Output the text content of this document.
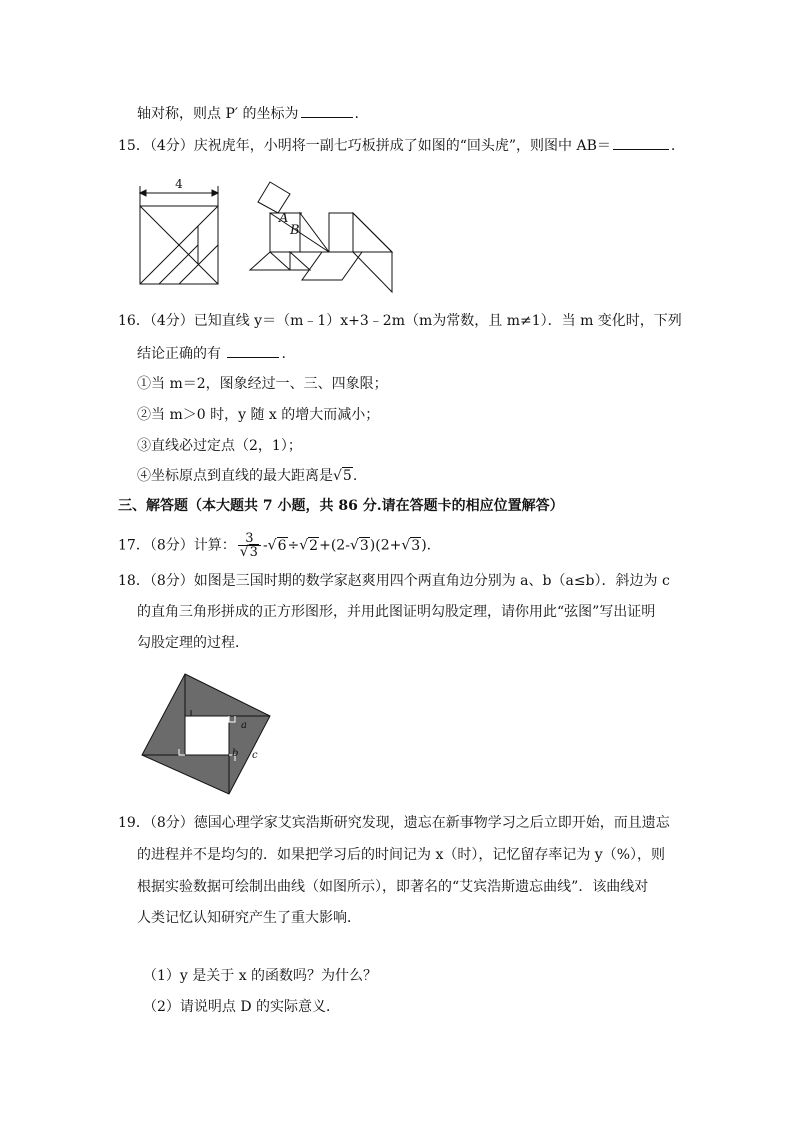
轴对称，则点 P′ 的坐标为	.
15．（4分）庆祝虎年，小明将一副七巧板拼成了如图的“回头虎”，则图中 AB＝	.
4
A
B
16．（4分）已知直线 y＝（m﹣1）x+3﹣2m（m为常数，且 m≠1）．当 m 变化时，下列
结论正确的有	.
①当 m＝2，图象经过一、三、四象限；
②当 m＞0 时，y 随 x 的增大而减小；
③直线必过定点（2，1）；
④坐标原点到直线的最大距离是√5.
三、解答题（本大题共 7 小题，共 86 分.请在答题卡的相应位置解答）
17．（8分）计算： $\frac{3}{√3} -√6\div√2+(2-√3)(2+√3)$.
18．（8分）如图是三国时期的数学家赵爽用四个两直角边分别为 a、b（a≤b）．斜边为 c
的直角三角形拼成的正方形图形，并用此图证明勾股定理，请你用此“弦图”写出证明
勾股定理的过程．
a
b c
19．（8分）德国心理学家艾宾浩斯研究发现，遗忘在新事物学习之后立即开始，而且遗忘
的进程并不是均匀的．如果把学习后的时间记为 x（时），记忆留存率记为 y（%），则
根据实验数据可绘制出曲线（如图所示），即著名的“艾宾浩斯遗忘曲线”．该曲线对
人类记忆认知研究产生了重大影响．
（1）y 是关于 x 的函数吗？为什么？
（2）请说明点 D 的实际意义．
